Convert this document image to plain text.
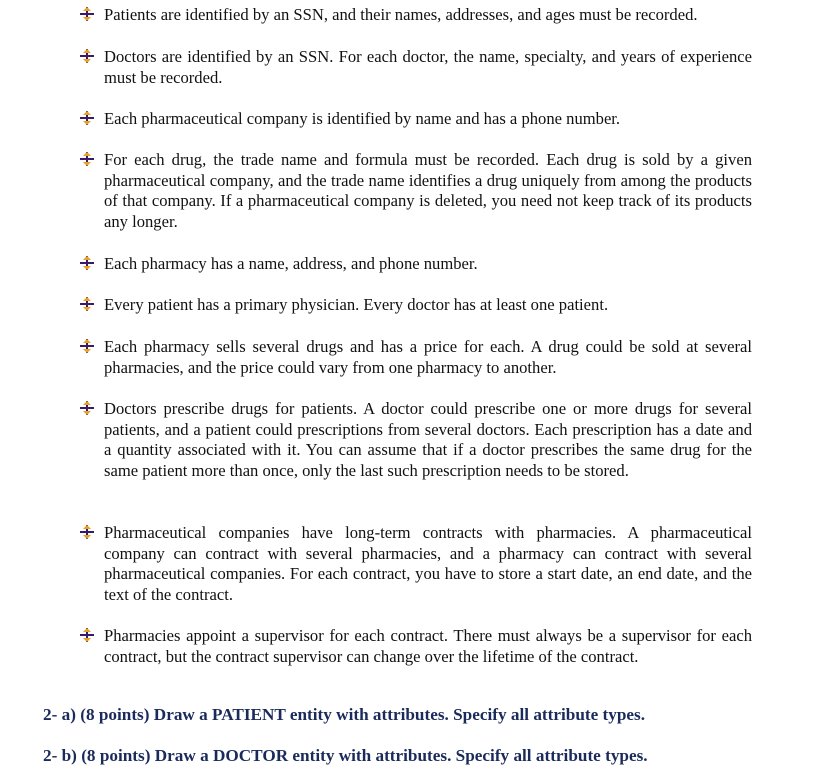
Patients are identified by an SSN, and their names, addresses, and ages must be recorded.

Doctors are identified by an SSN. For each doctor, the name, specialty, and years of experience must be recorded.

Each pharmaceutical company is identified by name and has a phone number.

For each drug, the trade name and formula must be recorded. Each drug is sold by a given pharmaceutical company, and the trade name identifies a drug uniquely from among the products of that company. If a pharmaceutical company is deleted, you need not keep track of its products any longer.

Each pharmacy has a name, address, and phone number.

Every patient has a primary physician. Every doctor has at least one patient.

Each pharmacy sells several drugs and has a price for each. A drug could be sold at several pharmacies, and the price could vary from one pharmacy to another.

Doctors prescribe drugs for patients. A doctor could prescribe one or more drugs for several patients, and a patient could prescriptions from several doctors. Each prescription has a date and a quantity associated with it. You can assume that if a doctor prescribes the same drug for the same patient more than once, only the last such prescription needs to be stored.

Pharmaceutical companies have long-term contracts with pharmacies. A pharmaceutical company can contract with several pharmacies, and a pharmacy can contract with several pharmaceutical companies. For each contract, you have to store a start date, an end date, and the text of the contract.

Pharmacies appoint a supervisor for each contract. There must always be a supervisor for each contract, but the contract supervisor can change over the lifetime of the contract.

2- a) (8 points) Draw a PATIENT entity with attributes. Specify all attribute types.
2- b) (8 points) Draw a DOCTOR entity with attributes. Specify all attribute types.
